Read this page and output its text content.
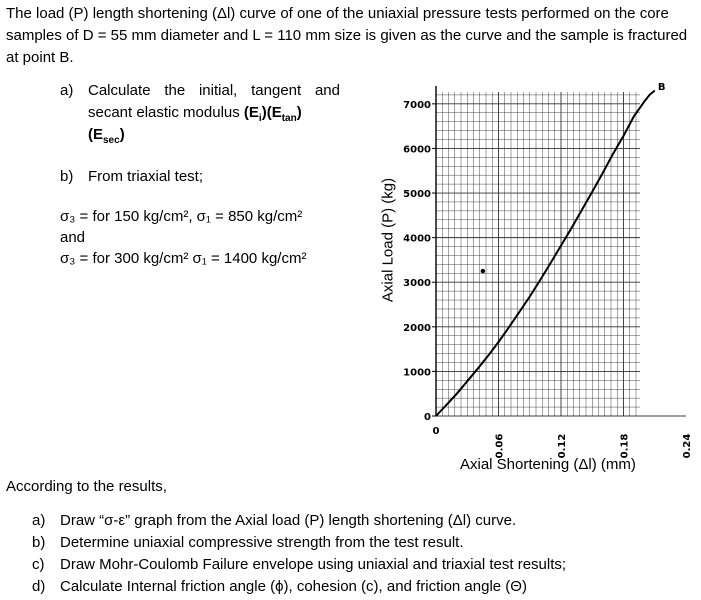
The load (P) length shortening (Δl) curve of one of the uniaxial pressure tests performed on the core samples of D = 55 mm diameter and L = 110 mm size is given as the curve and the sample is fractured at point B.

a) Calculate the initial, tangent and secant elastic modulus $(E_i)(E_{tan})$
$(E_{sec})$
b) From triaxial test;
σ₃ = for 150 kg/cm², σ₁ = 850 kg/cm²
and
σ₃ = for 300 kg/cm² σ₁ = 1400 kg/cm²	Axial Load (P) (kg)
0
1000
2000
3000
4000
5000
6000
7000
0
0.06	0.12	0.18	0.24
B
Axial Shortening (Δl) (mm)
According to the results,
a) Draw “σ-ε” graph from the Axial load (P) length shortening (Δl) curve.
b) Determine uniaxial compressive strength from the test result.
c)	Draw Mohr-Coulomb Failure envelope using uniaxial and triaxial test results;
d) Calculate Internal friction angle (ϕ), cohesion (c), and friction angle (Θ)
